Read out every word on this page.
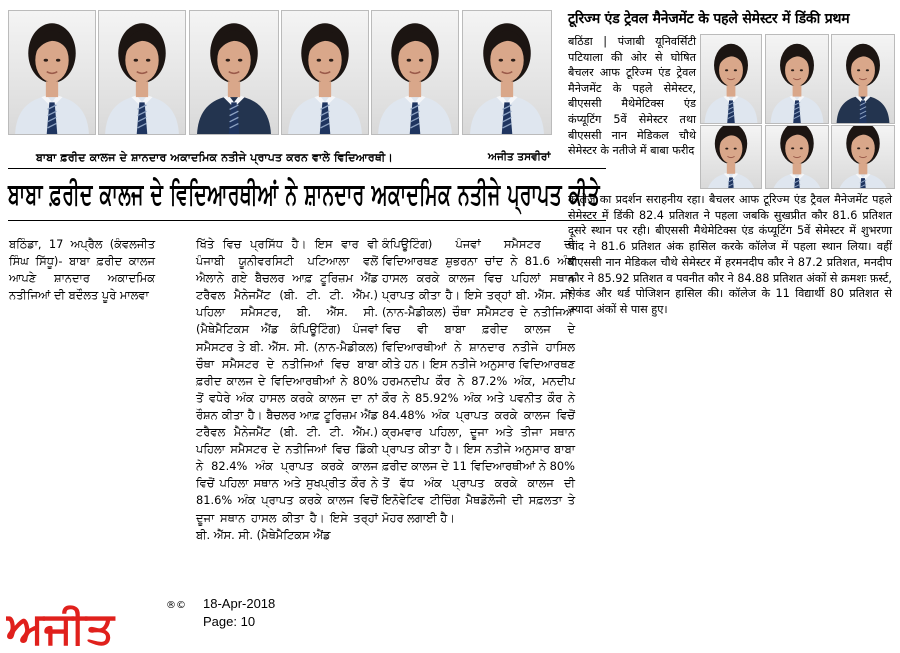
ਬਾਬਾ ਫ਼ਰੀਦ ਕਾਲਜ ਦੇ ਸ਼ਾਨਦਾਰ ਅਕਾਦਮਿਕ ਨਤੀਜੇ ਪ੍ਰਾਪਤ ਕਰਨ ਵਾਲੇ ਵਿਦਿਆਰਥੀ।	ਅਜੀਤ ਤਸਵੀਰਾਂ
ਬਾਬਾ ਫ਼ਰੀਦ ਕਾਲਜ ਦੇ ਵਿਦਿਆਰਥੀਆਂ ਨੇ ਸ਼ਾਨਦਾਰ ਅਕਾਦਮਿਕ ਨਤੀਜੇ ਪ੍ਰਾਪਤ ਕੀਤੇ
ਬਠਿੰਡਾ, 17 ਅਪ੍ਰੈਲ (ਕੰਵਲਜੀਤ ਸਿੰਘ ਸਿੱਧੂ)- ਬਾਬਾ ਫ਼ਰੀਦ ਕਾਲਜ ਆਪਣੇ ਸ਼ਾਨਦਾਰ ਅਕਾਦਮਿਕ ਨਤੀਜਿਆਂ ਦੀ ਬਦੌਲਤ ਪੂਰੇ ਮਾਲਵਾ
ਖਿੱਤੇ ਵਿਚ ਪ੍ਰਸਿੱਧ ਹੈ। ਇਸ ਵਾਰ ਵੀ ਪੰਜਾਬੀ ਯੂਨੀਵਰਸਿਟੀ ਪਟਿਆਲਾ ਵਲੋਂ ਐਲਾਨੇ ਗਏ ਬੈਚਲਰ ਆਫ਼ ਟੂਰਿਜ਼ਮ ਐਂਡ ਟਰੈਵਲ ਮੈਨੇਜਮੈਂਟ (ਬੀ. ਟੀ. ਟੀ. ਐੱਮ.) ਪਹਿਲਾ ਸਮੈਸਟਰ, ਬੀ. ਐੱਸ. ਸੀ. (ਮੈਥੇਮੈਟਿਕਸ ਐਂਡ ਕੰਪਿਊਟਿੰਗ) ਪੰਜਵਾਂ ਸਮੈਸਟਰ ਤੇ ਬੀ. ਐੱਸ. ਸੀ. (ਨਾਨ-ਮੈਡੀਕਲ) ਚੌਥਾ ਸਮੈਸਟਰ ਦੇ ਨਤੀਜਿਆਂ ਵਿਚ ਬਾਬਾ ਫ਼ਰੀਦ ਕਾਲਜ ਦੇ ਵਿਦਿਆਰਥੀਆਂ ਨੇ 80% ਤੋਂ ਵਧੇਰੇ ਅੰਕ ਹਾਸਲ ਕਰਕੇ ਕਾਲਜ ਦਾ ਨਾਂ ਰੌਸ਼ਨ ਕੀਤਾ ਹੈ। ਬੈਚਲਰ ਆਫ਼ ਟੂਰਿਜ਼ਮ ਐਂਡ ਟਰੈਵਲ ਮੈਨੇਜਮੈਂਟ (ਬੀ. ਟੀ. ਟੀ. ਐੱਮ.) ਪਹਿਲਾ ਸਮੈਸਟਰ ਦੇ ਨਤੀਜਿਆਂ ਵਿਚ ਡਿੰਕੀ ਨੇ 82.4% ਅੰਕ ਪ੍ਰਾਪਤ ਕਰਕੇ ਕਾਲਜ ਵਿਚੋਂ ਪਹਿਲਾ ਸਥਾਨ ਅਤੇ ਸੁਖਪ੍ਰੀਤ ਕੌਰ ਨੇ 81.6% ਅੰਕ ਪ੍ਰਾਪਤ ਕਰਕੇ ਕਾਲਜ ਵਿਚੋਂ ਦੂਜਾ ਸਥਾਨ ਹਾਸਲ ਕੀਤਾ ਹੈ। ਇਸੇ ਤਰ੍ਹਾਂ ਬੀ. ਐੱਸ. ਸੀ. (ਮੈਥੇਮੈਟਿਕਸ ਐਂਡ
ਕੰਪਿਊਟਿੰਗ) ਪੰਜਵਾਂ ਸਮੈਸਟਰ ਦੀ ਵਿਦਿਆਰਥਣ ਸ਼ੁਭਰਨਾ ਚਾਂਦ ਨੇ 81.6 ਅੰਕ ਹਾਸਲ ਕਰਕੇ ਕਾਲਜ ਵਿਚ ਪਹਿਲਾਂ ਸਥਾਨ ਪ੍ਰਾਪਤ ਕੀਤਾ ਹੈ। ਇਸੇ ਤਰ੍ਹਾਂ ਬੀ. ਐੱਸ. ਸੀ. (ਨਾਨ-ਮੈਡੀਕਲ) ਚੌਥਾ ਸਮੈਸਟਰ ਦੇ ਨਤੀਜਿਆਂ ਵਿਚ ਵੀ ਬਾਬਾ ਫ਼ਰੀਦ ਕਾਲਜ ਦੇ ਵਿਦਿਆਰਥੀਆਂ ਨੇ ਸ਼ਾਨਦਾਰ ਨਤੀਜੇ ਹਾਸਿਲ ਕੀਤੇ ਹਨ। ਇਸ ਨਤੀਜੇ ਅਨੁਸਾਰ ਵਿਦਿਆਰਥਣ ਹਰਮਨਦੀਪ ਕੌਰ ਨੇ 87.2% ਅੰਕ, ਮਨਦੀਪ ਕੌਰ ਨੇ 85.92% ਅੰਕ ਅਤੇ ਪਵਨੀਤ ਕੌਰ ਨੇ 84.48% ਅੰਕ ਪ੍ਰਾਪਤ ਕਰਕੇ ਕਾਲਜ ਵਿਚੋਂ ਕ੍ਰਮਵਾਰ ਪਹਿਲਾ, ਦੂਜਾ ਅਤੇ ਤੀਜਾ ਸਥਾਨ ਪ੍ਰਾਪਤ ਕੀਤਾ ਹੈ। ਇਸ ਨਤੀਜੇ ਅਨੁਸਾਰ ਬਾਬਾ ਫ਼ਰੀਦ ਕਾਲਜ ਦੇ 11 ਵਿਦਿਆਰਥੀਆਂ ਨੇ 80% ਤੋਂ ਵੱਧ ਅੰਕ ਪ੍ਰਾਪਤ ਕਰਕੇ ਕਾਲਜ ਦੀ ਇਨੋਵੇਟਿਵ ਟੀਚਿੰਗ ਮੈਥਡੋਲੋਜੀ ਦੀ ਸਫ਼ਲਤਾ ਤੇ ਮੋਹਰ ਲਗਾਈ ਹੈ।
टूरिज्म एंड ट्रेवल मैनेजमेंट के पहले सेमेस्टर में डिंकी प्रथम
बठिंडा | पंजाबी यूनिवर्सिटी पटियाला की ओर से घोषित बैचलर आफ टूरिज्म एंड ट्रेवल मैनेजमेंट के पहले सेमेस्टर, बीएससी मैथेमेटिक्स एंड कंप्यूटिंग 5वें सेमेस्टर तथा बीएससी नान मेडिकल चौथे सेमेस्टर के नतीजे में बाबा फरीद
कॉलेज का प्रदर्शन सराहनीय रहा। बैचलर आफ टूरिज्म एंड ट्रैवल मैनेजमेंट पहले सेमेस्टर में डिंकी 82.4 प्रतिशत ने पहला जबकि सुखप्रीत कौर 81.6 प्रतिशत दूसरे स्थान पर रही। बीएससी मैथेमेटिक्स एंड कंप्यूटिंग 5वें सेमेस्टर में शुभरणा चांद ने 81.6 प्रतिशत अंक हासिल करके कॉलेज में पहला स्थान लिया। वहीं बीएससी नान मेडिकल चौथे सेमेस्टर में हरमनदीप कौर ने 87.2 प्रतिशत, मनदीप कौर ने 85.92 प्रतिशत व पवनीत कौर ने 84.88 प्रतिशत अंकों से क्रमशः फ़र्स्ट, सेकंड और थर्ड पोजिशन हासिल की। कॉलेज के 11 विद्यार्थी 80 प्रतिशत से ज्यादा अंकों से पास हुए।
ਅਜੀਤ	®© 18-Apr-2018
Page: 10
